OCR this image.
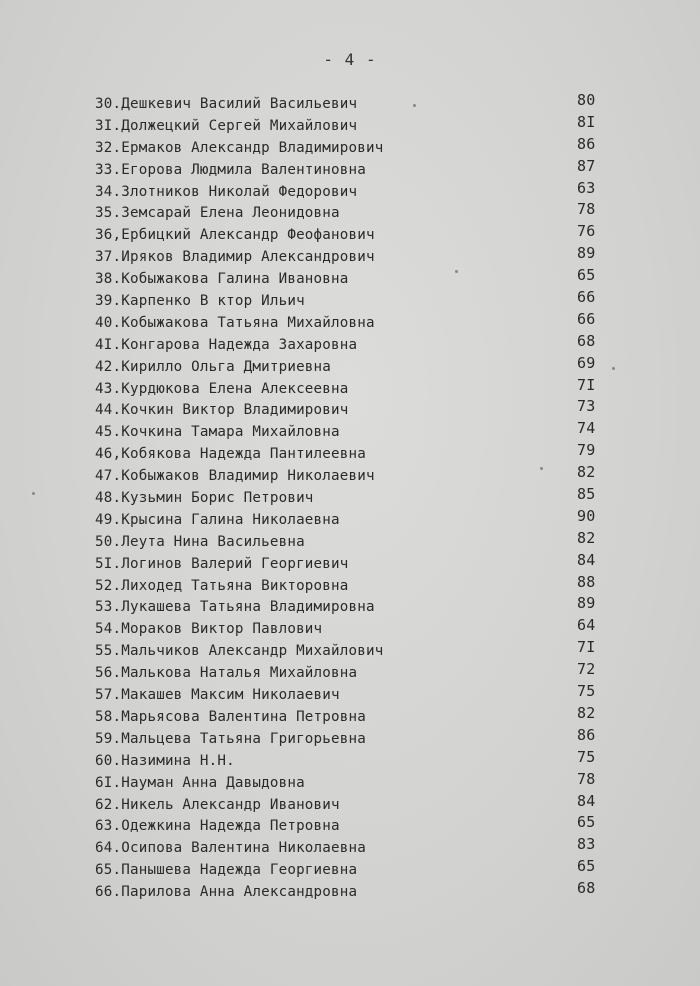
- 4 -
30.Дешкевич Василий Васильевич	80
3I.Должецкий Сергей Михайлович	8I
32.Ермаков Александр Владимирович	86
33.Егорова Людмила Валентиновна	87
34.Злотников Николай Федорович	63
35.Земсарай Елена Леонидовна	78
36,Ербицкий Александр Феофанович	76
37.Иряков Владимир Александрович	89
38.Кобыжакова Галина Ивановна	65
39.Карпенко В ктор Ильич	66
40.Кобыжакова Татьяна Михайловна	66
4I.Конгарова Надежда Захаровна	68
42.Кирилло Ольга Дмитриевна	69
43.Курдюкова Елена Алексеевна	7I
44.Кочкин Виктор Владимирович	73
45.Кочкина Тамара Михайловна	74
46,Кобякова Надежда Пантилеевна	79
47.Кобыжаков Владимир Николаевич	82
48.Кузьмин Борис Петрович	85
49.Крысина Галина Николаевна	90
50.Леута Нина Васильевна	82
5I.Логинов Валерий Георгиевич	84
52.Лиходед Татьяна Викторовна	88
53.Лукашева Татьяна Владимировна	89
54.Мораков Виктор Павлович	64
55.Мальчиков Александр Михайлович	7I
56.Малькова Наталья Михайловна	72
57.Макашев Максим Николаевич	75
58.Марьясова Валентина Петровна	82
59.Мальцева Татьяна Григорьевна	86
60.Назимина Н.Н.	75
6I.Науман Анна Давыдовна	78
62.Никель Александр Иванович	84
63.Одежкина Надежда Петровна	65
64.Осипова Валентина Николаевна	83
65.Панышева Надежда Георгиевна	65
66.Парилова Анна Александровна	68
